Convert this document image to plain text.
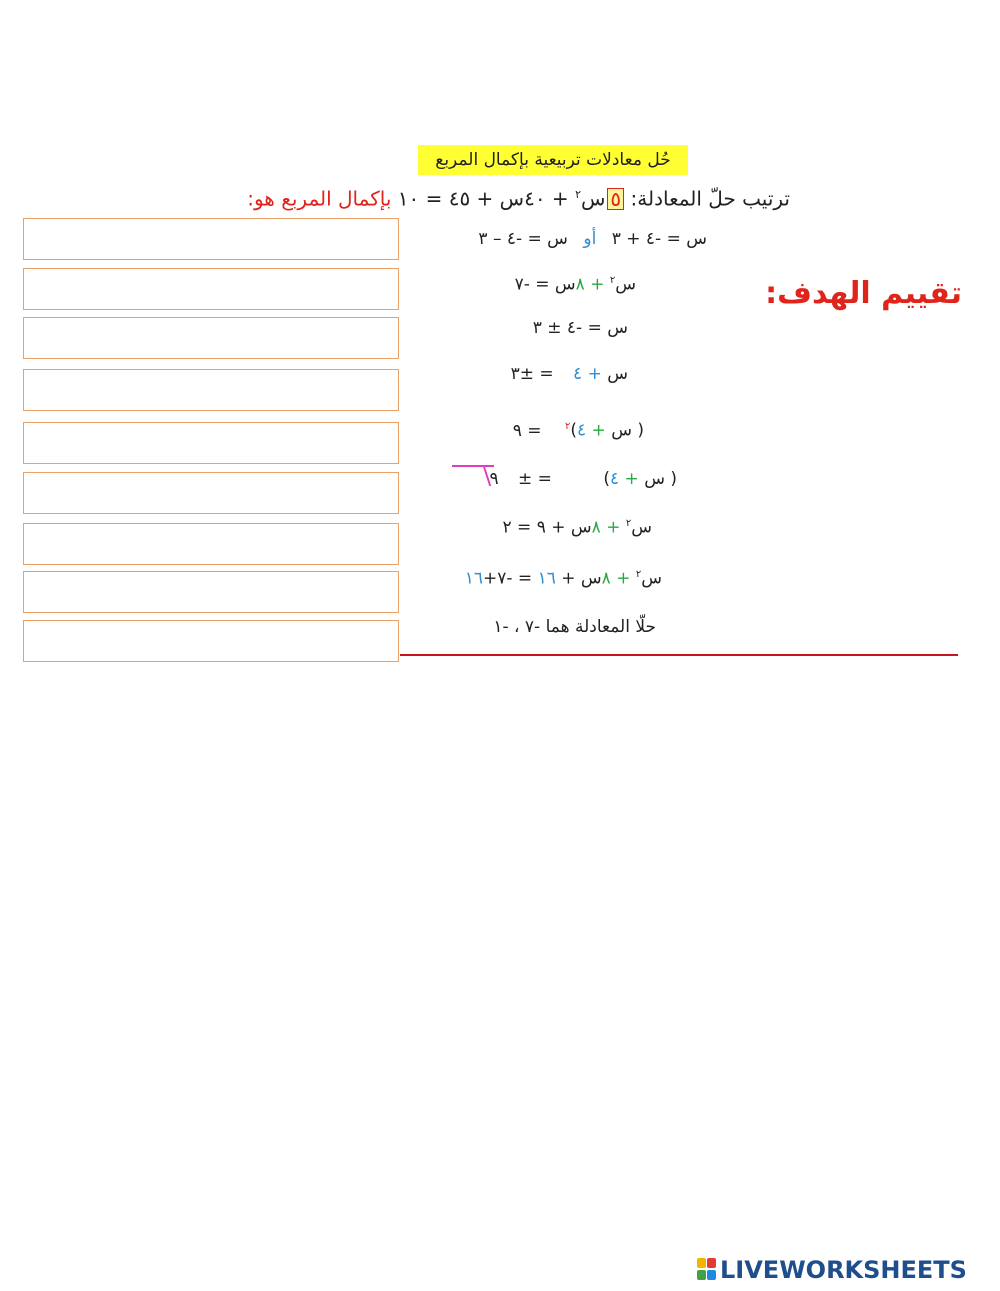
حُل معادلات تربيعية بإكمال المربع
ترتيب حلّ المعادلة: ٥س$^٢$ + ٤٠س + ٤٥ = ١٠ بإكمال المربع هو:
تقييم الهدف:
س = -٤ + ٣ أو س = -٤ – ٣
س$^٢$ + ٨س = -٧
س = -٤ ± ٣
س + ٤ = ±٣
( س + ٤)$^٢$ = ٩
( س + ٤) = ± ٩
س$^٢$ + ٨س + ٩ = ٢
س$^٢$ + ٨س + ١٦ = -٧+١٦
حلّا المعادلة هما -٧ ، -١
LIVEWORKSHEETS
